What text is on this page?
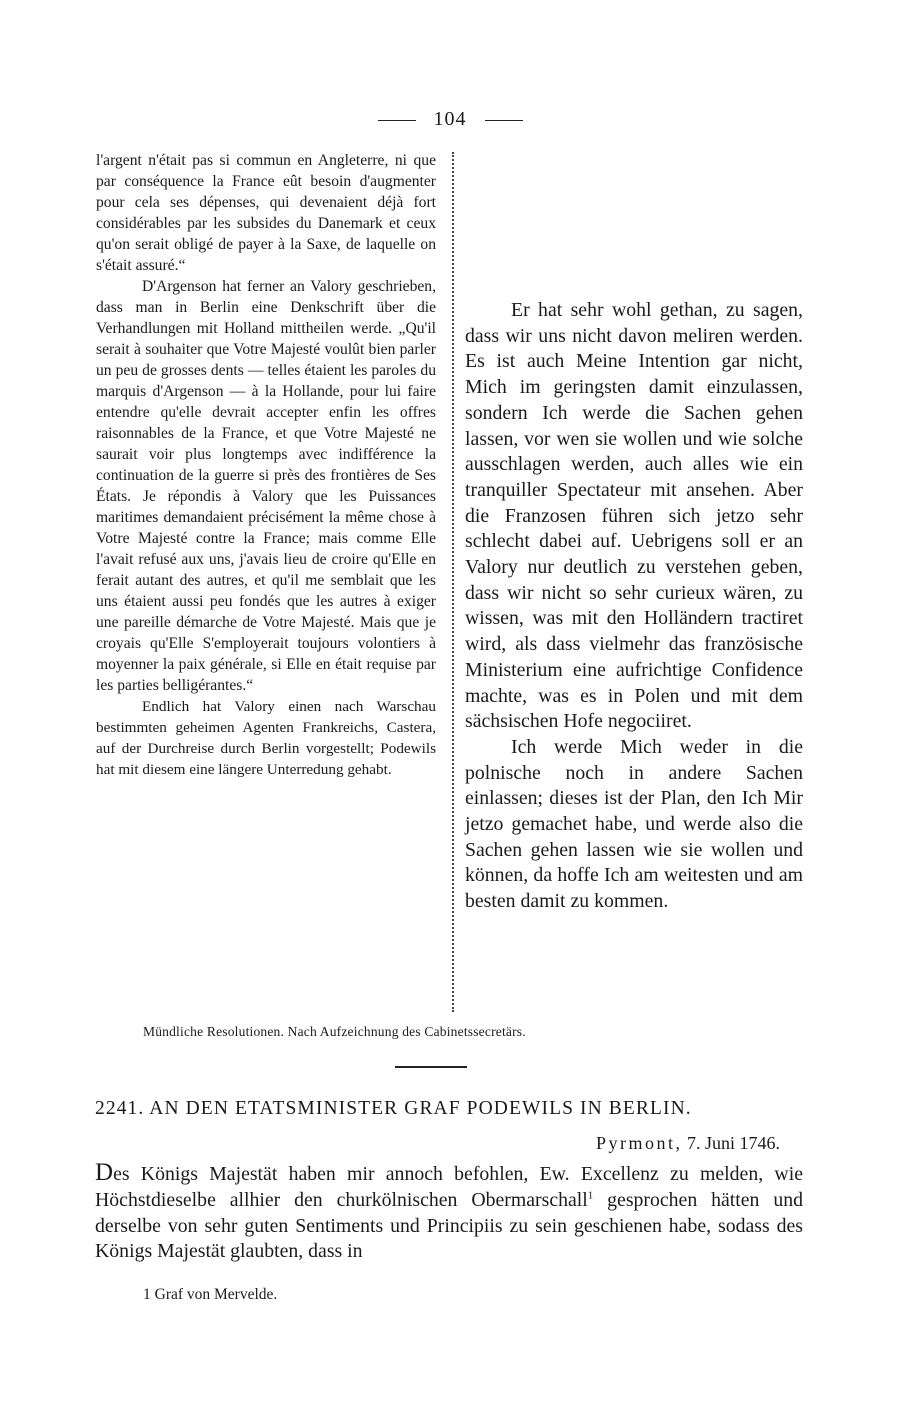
104

l'argent n'était pas si commun en Angleterre, ni que par conséquence la France eût besoin d'augmenter pour cela ses dépenses, qui devenaient déjà fort considérables par les subsides du Danemark et ceux qu'on serait obligé de payer à la Saxe, de laquelle on s'était assuré.“

D'Argenson hat ferner an Valory geschrieben, dass man in Berlin eine Denkschrift über die Verhandlungen mit Holland mittheilen werde. „Qu'il serait à souhaiter que Votre Majesté voulût bien parler un peu de grosses dents — telles étaient les paroles du marquis d'Argenson — à la Hollande, pour lui faire entendre qu'elle devrait accepter enfin les offres raisonnables de la France, et que Votre Majesté ne saurait voir plus longtemps avec indifférence la continuation de la guerre si près des frontières de Ses États. Je répondis à Valory que les Puissances maritimes demandaient précisément la même chose à Votre Majesté contre la France; mais comme Elle l'avait refusé aux uns, j'avais lieu de croire qu'Elle en ferait autant des autres, et qu'il me semblait que les uns étaient aussi peu fondés que les autres à exiger une pareille démarche de Votre Majesté. Mais que je croyais qu'Elle S'employerait toujours volontiers à moyenner la paix générale, si Elle en était requise par les parties belligérantes.“

Endlich hat Valory einen nach Warschau bestimmten geheimen Agenten Frankreichs, Castera, auf der Durchreise durch Berlin vorgestellt; Podewils hat mit diesem eine längere Unterredung gehabt.

Er hat sehr wohl gethan, zu sagen, dass wir uns nicht davon meliren werden. Es ist auch Meine Intention gar nicht, Mich im geringsten damit einzulassen, sondern Ich werde die Sachen gehen lassen, vor wen sie wollen und wie solche ausschlagen werden, auch alles wie ein tranquiller Spectateur mit ansehen. Aber die Franzosen führen sich jetzo sehr schlecht dabei auf. Uebrigens soll er an Valory nur deutlich zu verstehen geben, dass wir nicht so sehr curieux wären, zu wissen, was mit den Holländern tractiret wird, als dass vielmehr das französische Ministerium eine aufrichtige Confidence machte, was es in Polen und mit dem sächsischen Hofe negociiret.

Ich werde Mich weder in die polnische noch in andere Sachen einlassen; dieses ist der Plan, den Ich Mir jetzo gemachet habe, und werde also die Sachen gehen lassen wie sie wollen und können, da hoffe Ich am weitesten und am besten damit zu kommen.

Mündliche Resolutionen. Nach Aufzeichnung des Cabinetssecretärs.
2241. AN DEN ETATSMINISTER GRAF PODEWILS IN BERLIN.
Pyrmont, 7. Juni 1746.
Des Königs Majestät haben mir annoch befohlen, Ew. Excellenz zu melden, wie Höchstdieselbe allhier den churkölnischen Obermarschall$^1$ gesprochen hätten und derselbe von sehr guten Sentiments und Principiis zu sein geschienen habe, sodass des Königs Majestät glaubten, dass in
1 Graf von Mervelde.
